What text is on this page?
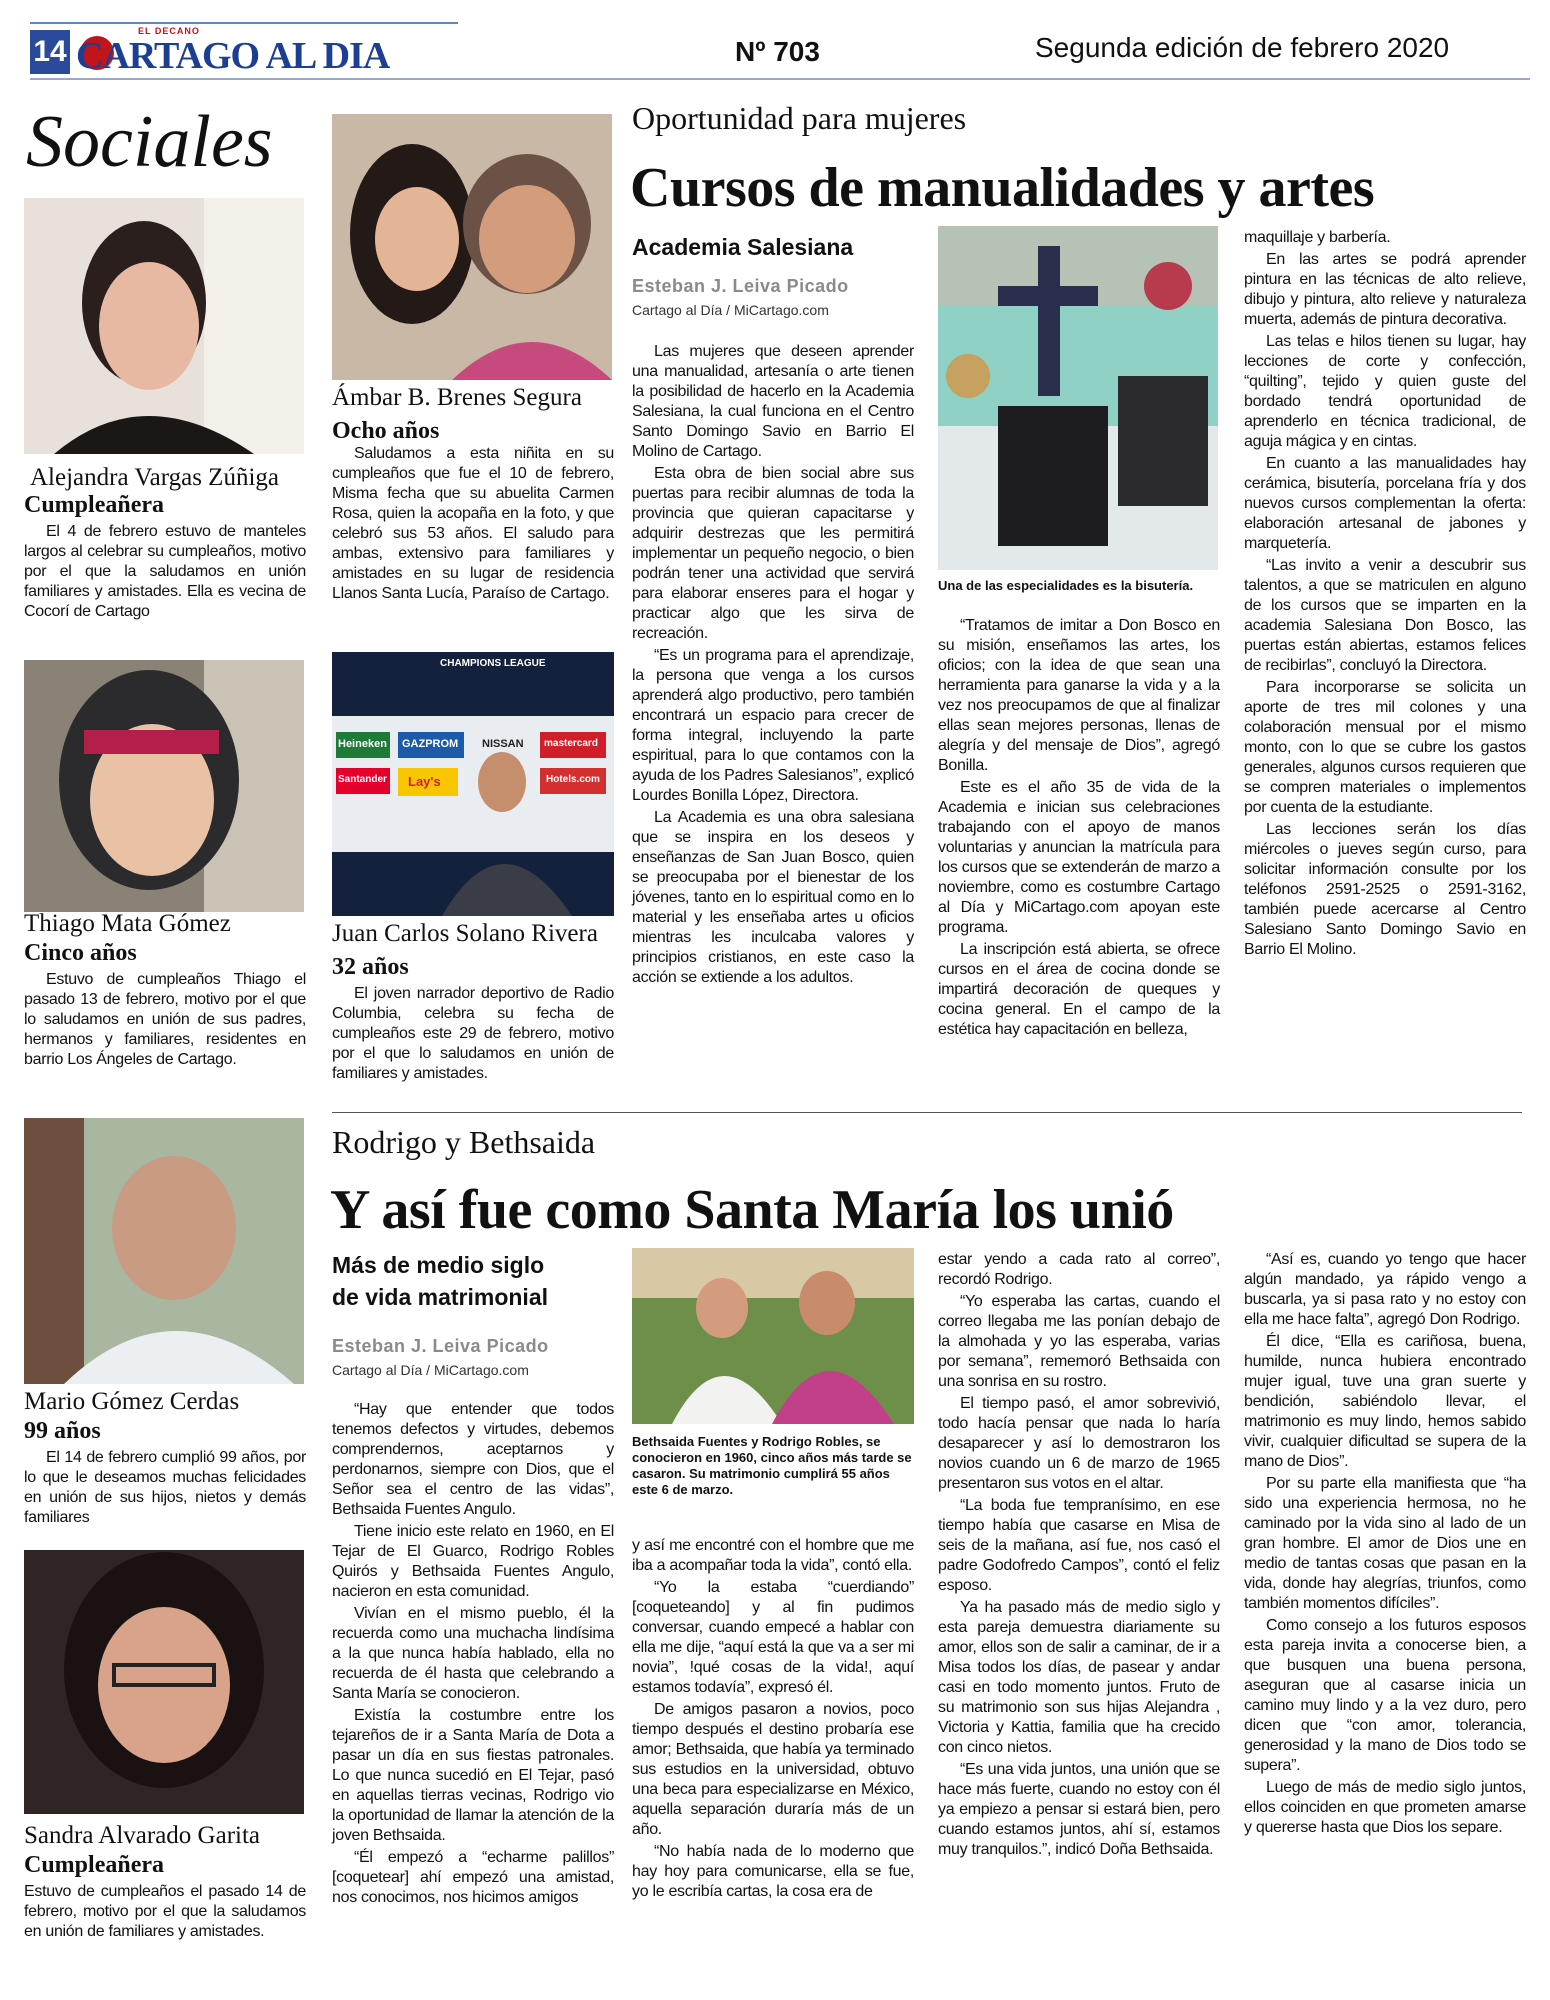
14
EL DECANO
CARTAGO AL DIA	Nº 703	Segunda edición de febrero 2020
Sociales
Alejandra Vargas Zúñiga
Cumpleañera

El 4 de febrero estuvo de manteles largos al celebrar su cumpleaños, motivo por el que la saludamos en unión familiares y amistades. Ella es vecina de Cocorí de Cartago

Thiago Mata Gómez
Cinco años

Estuvo de cumpleaños Thiago el pasado 13 de febrero, motivo por el que lo saludamos en unión de sus padres, hermanos y familiares, residentes en barrio Los Ángeles de Cartago.

Mario Gómez Cerdas
99 años

El 14 de febrero cumplió 99 años, por lo que le deseamos muchas felicidades en unión de sus hijos, nietos y demás familiares

Sandra Alvarado Garita
Cumpleañera

Estuvo de cumpleaños el pasado 14 de febrero, motivo por el que la saludamos en unión de familiares y amistades.

Ámbar B. Brenes Segura
Ocho años

Saludamos a esta niñita en su cumpleaños que fue el 10 de febrero, Misma fecha que su abuelita Carmen Rosa, quien la acopaña en la foto, y que celebró sus 53 años. El saludo para ambas, extensivo para familiares y amistades en su lugar de residencia Llanos Santa Lucía, Paraíso de Cartago.

CHAMPIONS LEAGUE
Heineken GAZPROM NISSAN mastercard
Santander Lay's	Hotels.com
Juan Carlos Solano Rivera
32 años

El joven narrador deportivo de Radio Columbia, celebra su fecha de cumpleaños este 29 de febrero, motivo por el que lo saludamos en unión de familiares y amistades.

Oportunidad para mujeres
Cursos de manualidades y artes
Academia Salesiana
Esteban J. Leiva Picado
Cartago al Día / MiCartago.com

Las mujeres que deseen aprender una manualidad, artesanía o arte tienen la posibilidad de hacerlo en la Academia Salesiana, la cual funciona en el Centro Santo Domingo Savio en Barrio El Molino de Cartago.

Esta obra de bien social abre sus puertas para recibir alumnas de toda la provincia que quieran capacitarse y adquirir destrezas que les permitirá implementar un pequeño negocio, o bien podrán tener una actividad que servirá para elaborar enseres para el hogar y practicar algo que les sirva de recreación.

“Es un programa para el aprendizaje, la persona que venga a los cursos aprenderá algo productivo, pero también encontrará un espacio para crecer de forma integral, incluyendo la parte espiritual, para lo que contamos con la ayuda de los Padres Salesianos”, explicó Lourdes Bonilla López, Directora.

La Academia es una obra salesiana que se inspira en los deseos y enseñanzas de San Juan Bosco, quien se preocupaba por el bienestar de los jóvenes, tanto en lo espiritual como en lo material y les enseñaba artes u oficios mientras les inculcaba valores y principios cristianos, en este caso la acción se extiende a los adultos.

Una de las especialidades es la bisutería.

“Tratamos de imitar a Don Bosco en su misión, enseñamos las artes, los oficios; con la idea de que sean una herramienta para ganarse la vida y a la vez nos preocupamos de que al finalizar ellas sean mejores personas, llenas de alegría y del mensaje de Dios”, agregó Bonilla.

Este es el año 35 de vida de la Academia e inician sus celebraciones trabajando con el apoyo de manos voluntarias y anuncian la matrícula para los cursos que se extenderán de marzo a noviembre, como es costumbre Cartago al Día y MiCartago.com apoyan este programa.

La inscripción está abierta, se ofrece cursos en el área de cocina donde se impartirá decoración de queques y cocina general. En el campo de la estética hay capacitación en belleza,

maquillaje y barbería.

En las artes se podrá aprender pintura en las técnicas de alto relieve, dibujo y pintura, alto relieve y naturaleza muerta, además de pintura decorativa.

Las telas e hilos tienen su lugar, hay lecciones de corte y confección, “quilting”, tejido y quien guste del bordado tendrá oportunidad de aprenderlo en técnica tradicional, de aguja mágica y en cintas.

En cuanto a las manualidades hay cerámica, bisutería, porcelana fría y dos nuevos cursos complementan la oferta: elaboración artesanal de jabones y marquetería.

“Las invito a venir a descubrir sus talentos, a que se matriculen en alguno de los cursos que se imparten en la academia Salesiana Don Bosco, las puertas están abiertas, estamos felices de recibirlas”, concluyó la Directora.

Para incorporarse se solicita un aporte de tres mil colones y una colaboración mensual por el mismo monto, con lo que se cubre los gastos generales, algunos cursos requieren que se compren materiales o implementos por cuenta de la estudiante.

Las lecciones serán los días miércoles o jueves según curso, para solicitar información consulte por los teléfonos 2591-2525 o 2591-3162, también puede acercarse al Centro Salesiano Santo Domingo Savio en Barrio El Molino.

Rodrigo y Bethsaida
Y así fue como Santa María los unió
Más de medio siglo
de vida matrimonial
Esteban J. Leiva Picado
Cartago al Día / MiCartago.com

“Hay que entender que todos tenemos defectos y virtudes, debemos comprendernos, aceptarnos y perdonarnos, siempre con Dios, que el Señor sea el centro de las vidas”, Bethsaida Fuentes Angulo.

Tiene inicio este relato en 1960, en El Tejar de El Guarco, Rodrigo Robles Quirós y Bethsaida Fuentes Angulo, nacieron en esta comunidad.

Vivían en el mismo pueblo, él la recuerda como una muchacha lindísima a la que nunca había hablado, ella no recuerda de él hasta que celebrando a Santa María se conocieron.

Existía la costumbre entre los tejareños de ir a Santa María de Dota a pasar un día en sus fiestas patronales. Lo que nunca sucedió en El Tejar, pasó en aquellas tierras vecinas, Rodrigo vio la oportunidad de llamar la atención de la joven Bethsaida.

“Él empezó a “echarme palillos” [coquetear] ahí empezó una amistad, nos conocimos, nos hicimos amigos

Bethsaida Fuentes y Rodrigo Robles, se conocieron en 1960, cinco años más tarde se casaron. Su matrimonio cumplirá 55 años este 6 de marzo.

y así me encontré con el hombre que me iba a acompañar toda la vida”, contó ella.

“Yo la estaba “cuerdiando” [coqueteando] y al fin pudimos conversar, cuando empecé a hablar con ella me dije, “aquí está la que va a ser mi novia”, !qué cosas de la vida!, aquí estamos todavía”, expresó él.

De amigos pasaron a novios, poco tiempo después el destino probaría ese amor; Bethsaida, que había ya terminado sus estudios en la universidad, obtuvo una beca para especializarse en México, aquella separación duraría más de un año.

“No había nada de lo moderno que hay hoy para comunicarse, ella se fue, yo le escribía cartas, la cosa era de

estar yendo a cada rato al correo”, recordó Rodrigo.

“Yo esperaba las cartas, cuando el correo llegaba me las ponían debajo de la almohada y yo las esperaba, varias por semana”, rememoró Bethsaida con una sonrisa en su rostro.

El tiempo pasó, el amor sobrevivió, todo hacía pensar que nada lo haría desaparecer y así lo demostraron los novios cuando un 6 de marzo de 1965 presentaron sus votos en el altar.

“La boda fue tempranísimo, en ese tiempo había que casarse en Misa de seis de la mañana, así fue, nos casó el padre Godofredo Campos”, contó el feliz esposo.

Ya ha pasado más de medio siglo y esta pareja demuestra diariamente su amor, ellos son de salir a caminar, de ir a Misa todos los días, de pasear y andar casi en todo momento juntos. Fruto de su matrimonio son sus hijas Alejandra , Victoria y Kattia, familia que ha crecido con cinco nietos.

“Es una vida juntos, una unión que se hace más fuerte, cuando no estoy con él ya empiezo a pensar si estará bien, pero cuando estamos juntos, ahí sí, estamos muy tranquilos.”, indicó Doña Bethsaida.

“Así es, cuando yo tengo que hacer algún mandado, ya rápido vengo a buscarla, ya si pasa rato y no estoy con ella me hace falta”, agregó Don Rodrigo.

Él dice, “Ella es cariñosa, buena, humilde, nunca hubiera encontrado mujer igual, tuve una gran suerte y bendición, sabiéndolo llevar, el matrimonio es muy lindo, hemos sabido vivir, cualquier dificultad se supera de la mano de Dios”.

Por su parte ella manifiesta que “ha sido una experiencia hermosa, no he caminado por la vida sino al lado de un gran hombre. El amor de Dios une en medio de tantas cosas que pasan en la vida, donde hay alegrías, triunfos, como también momentos difíciles”.

Como consejo a los futuros esposos esta pareja invita a conocerse bien, a que busquen una buena persona, aseguran que al casarse inicia un camino muy lindo y a la vez duro, pero dicen que “con amor, tolerancia, generosidad y la mano de Dios todo se supera”.

Luego de más de medio siglo juntos, ellos coinciden en que prometen amarse y quererse hasta que Dios los separe.
